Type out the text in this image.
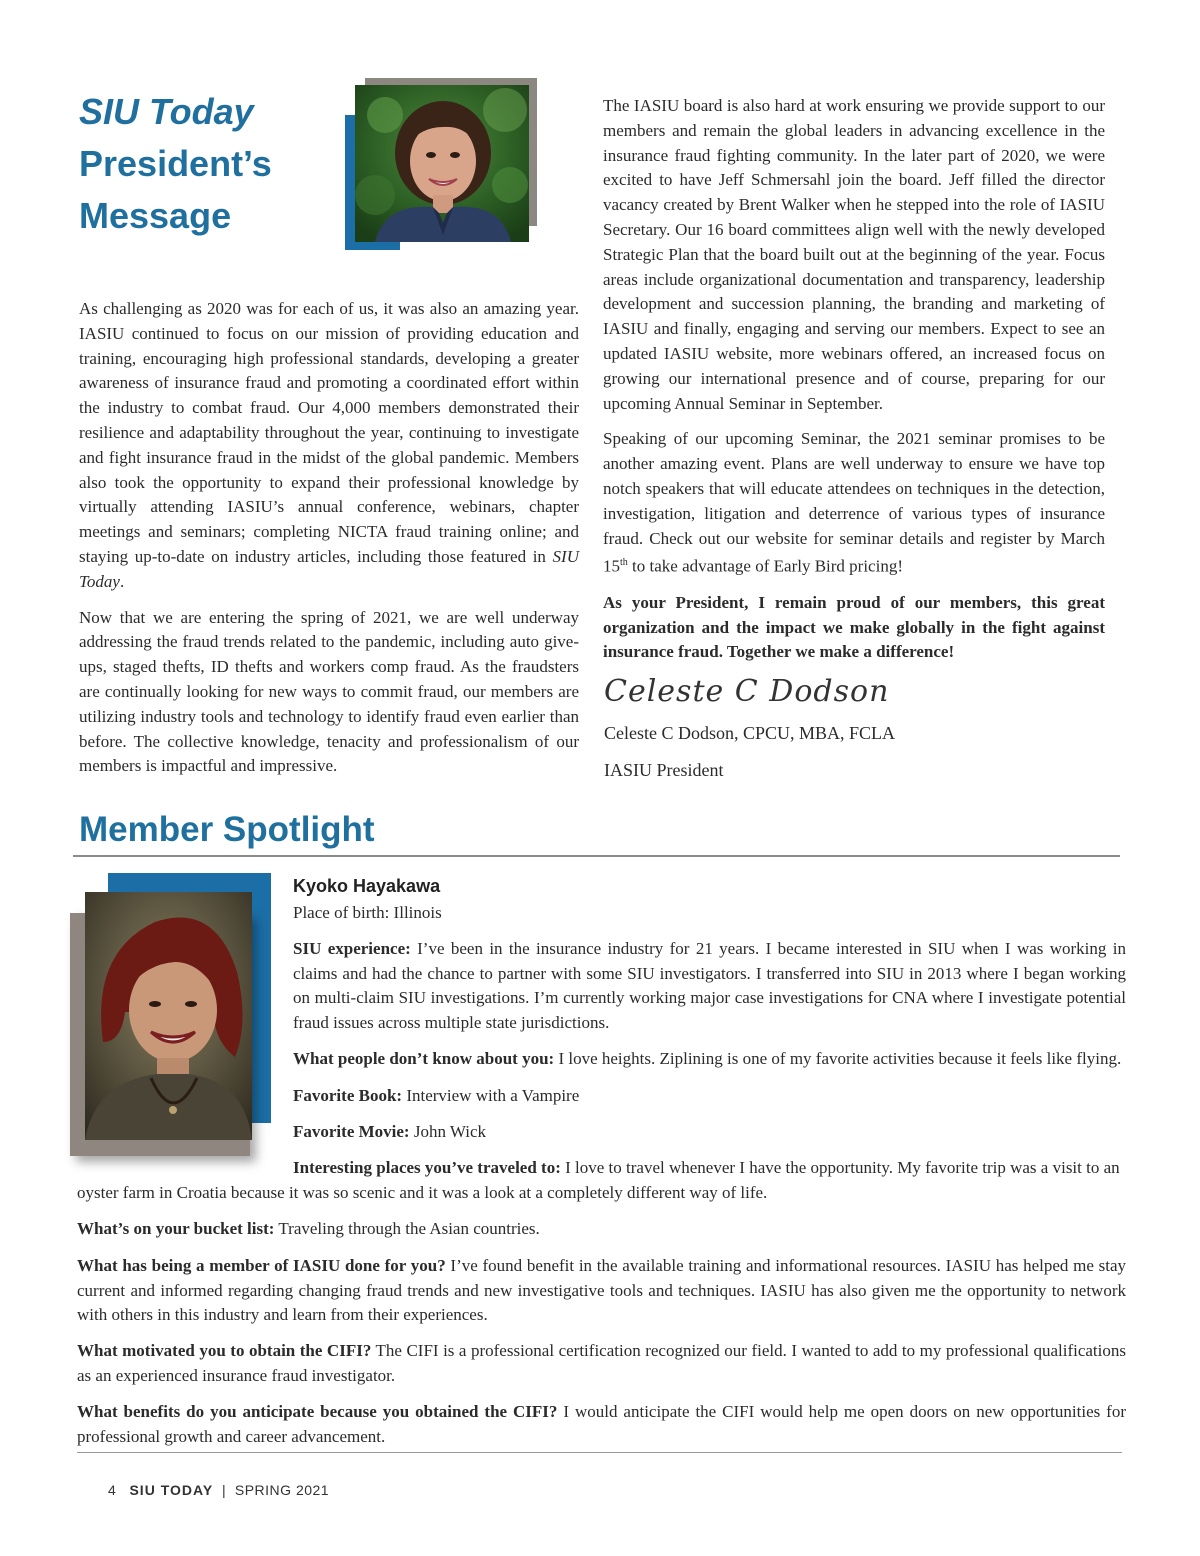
SIU Today
President’s
Message

As challenging as 2020 was for each of us, it was also an amazing year. IASIU continued to focus on our mission of providing education and training, encouraging high professional standards, developing a greater awareness of insurance fraud and promoting a coordinated effort within the industry to combat fraud. Our 4,000 members demonstrated their resilience and adaptability throughout the year, continuing to investigate and fight insurance fraud in the midst of the global pandemic. Members also took the opportunity to expand their professional knowledge by virtually attending IASIU’s annual conference, webinars, chapter meetings and seminars; completing NICTA fraud training online; and staying up-to-date on industry articles, including those featured in SIU Today.

Now that we are entering the spring of 2021, we are well underway addressing the fraud trends related to the pandemic, including auto give-ups, staged thefts, ID thefts and workers comp fraud. As the fraudsters are continually looking for new ways to commit fraud, our members are utilizing industry tools and technology to identify fraud even earlier than before. The collective knowledge, tenacity and professionalism of our members is impactful and impressive.

The IASIU board is also hard at work ensuring we provide support to our members and remain the global leaders in advancing excellence in the insurance fraud fighting community. In the later part of 2020, we were excited to have Jeff Schmersahl join the board. Jeff filled the director vacancy created by Brent Walker when he stepped into the role of IASIU Secretary. Our 16 board committees align well with the newly developed Strategic Plan that the board built out at the beginning of the year. Focus areas include organizational documentation and transparency, leadership development and succession planning, the branding and marketing of IASIU and finally, engaging and serving our members. Expect to see an updated IASIU website, more webinars offered, an increased focus on growing our international presence and of course, preparing for our upcoming Annual Seminar in September.

Speaking of our upcoming Seminar, the 2021 seminar promises to be another amazing event. Plans are well underway to ensure we have top notch speakers that will educate attendees on techniques in the detection, investigation, litigation and deterrence of various types of insurance fraud. Check out our website for seminar details and register by March 15th to take advantage of Early Bird pricing!

As your President, I remain proud of our members, this great organization and the impact we make globally in the fight against insurance fraud. Together we make a difference!

Celeste C Dodson
Celeste C Dodson, CPCU, MBA, FCLA
IASIU President
Member Spotlight
Kyoko Hayakawa
Place of birth: Illinois

SIU experience: I’ve been in the insurance industry for 21 years. I became interested in SIU when I was working in claims and had the chance to partner with some SIU investigators. I transferred into SIU in 2013 where I began working on multi-claim SIU investigations. I’m currently working major case investigations for CNA where I investigate potential fraud issues across multiple state jurisdictions.

What people don’t know about you: I love heights. Ziplining is one of my favorite activities because it feels like flying.

Favorite Book: Interview with a Vampire

Favorite Movie: John Wick

Interesting places you’ve traveled to: I love to travel whenever I have the opportunity. My favorite trip was a visit to an

oyster farm in Croatia because it was so scenic and it was a look at a completely different way of life.

What’s on your bucket list: Traveling through the Asian countries.

What has being a member of IASIU done for you? I’ve found benefit in the available training and informational resources. IASIU has helped me stay current and informed regarding changing fraud trends and new investigative tools and techniques. IASIU has also given me the opportunity to network with others in this industry and learn from their experiences.

What motivated you to obtain the CIFI? The CIFI is a professional certification recognized our field. I wanted to add to my professional qualifications as an experienced insurance fraud investigator.

What benefits do you anticipate because you obtained the CIFI? I would anticipate the CIFI would help me open doors on new opportunities for professional growth and career advancement.

4 SIU TODAY | SPRING 2021
